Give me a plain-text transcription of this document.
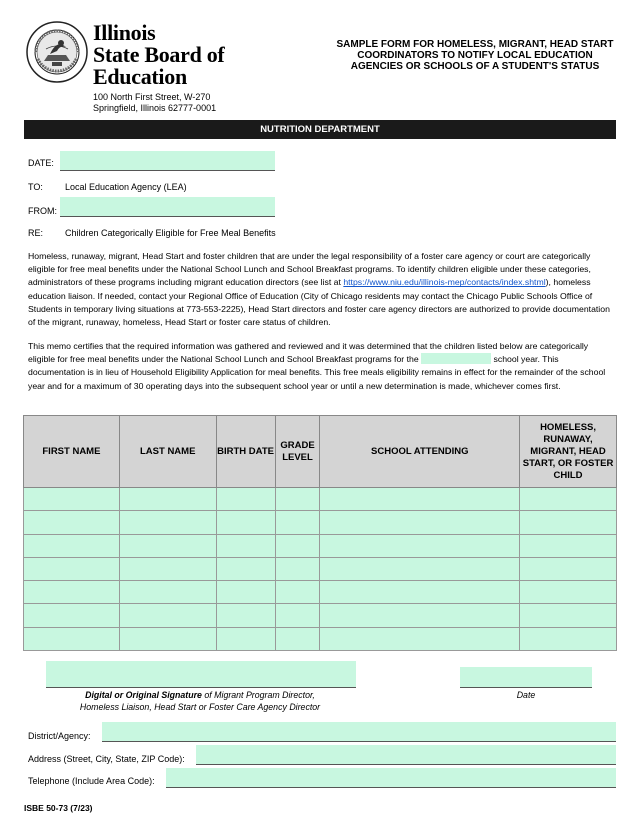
Illinois
State Board of
Education
100 North First Street, W-270
Springfield, Illinois 62777-0001
SAMPLE FORM FOR HOMELESS, MIGRANT, HEAD START COORDINATORS TO NOTIFY LOCAL EDUCATION AGENCIES OR SCHOOLS OF A STUDENT'S STATUS
NUTRITION DEPARTMENT
DATE:
TO: Local Education Agency (LEA)
FROM:
RE: Children Categorically Eligible for Free Meal Benefits
Homeless, runaway, migrant, Head Start and foster children that are under the legal responsibility of a foster care agency or court are categorically eligible for free meal benefits under the National School Lunch and School Breakfast programs. To identify children eligible under these categories, administrators of these programs including migrant education directors (see list at https://www.niu.edu/illinois-mep/contacts/index.shtml), homeless education liaison. If needed, contact your Regional Office of Education (City of Chicago residents may contact the Chicago Public Schools Office of Students in temporary living situations at 773-553-2225), Head Start directors and foster care agency directors are authorized to provide documentation of the migrant, runaway, homeless, Head Start or foster care status of children.
This memo certifies that the required information was gathered and reviewed and it was determined that the children listed below are categorically eligible for free meal benefits under the National School Lunch and School Breakfast programs for the	school year. This documentation is in lieu of Household Eligibility Application for meal benefits. This free meals eligibility remains in effect for the remainder of the school year and for a maximum of 30 operating days into the subsequent school year or until a new determination is made, whichever comes first.
FIRST NAME	LAST NAME	BIRTH DATE	GRADE LEVEL	SCHOOL ATTENDING	HOMELESS, RUNAWAY, MIGRANT, HEAD START, OR FOSTER CHILD

Digital or Original Signature of Migrant Program Director,
Homeless Liaison, Head Start or Foster Care Agency Director
Date
District/Agency:
Address (Street, City, State, ZIP Code):
Telephone (Include Area Code):
ISBE 50-73 (7/23)
